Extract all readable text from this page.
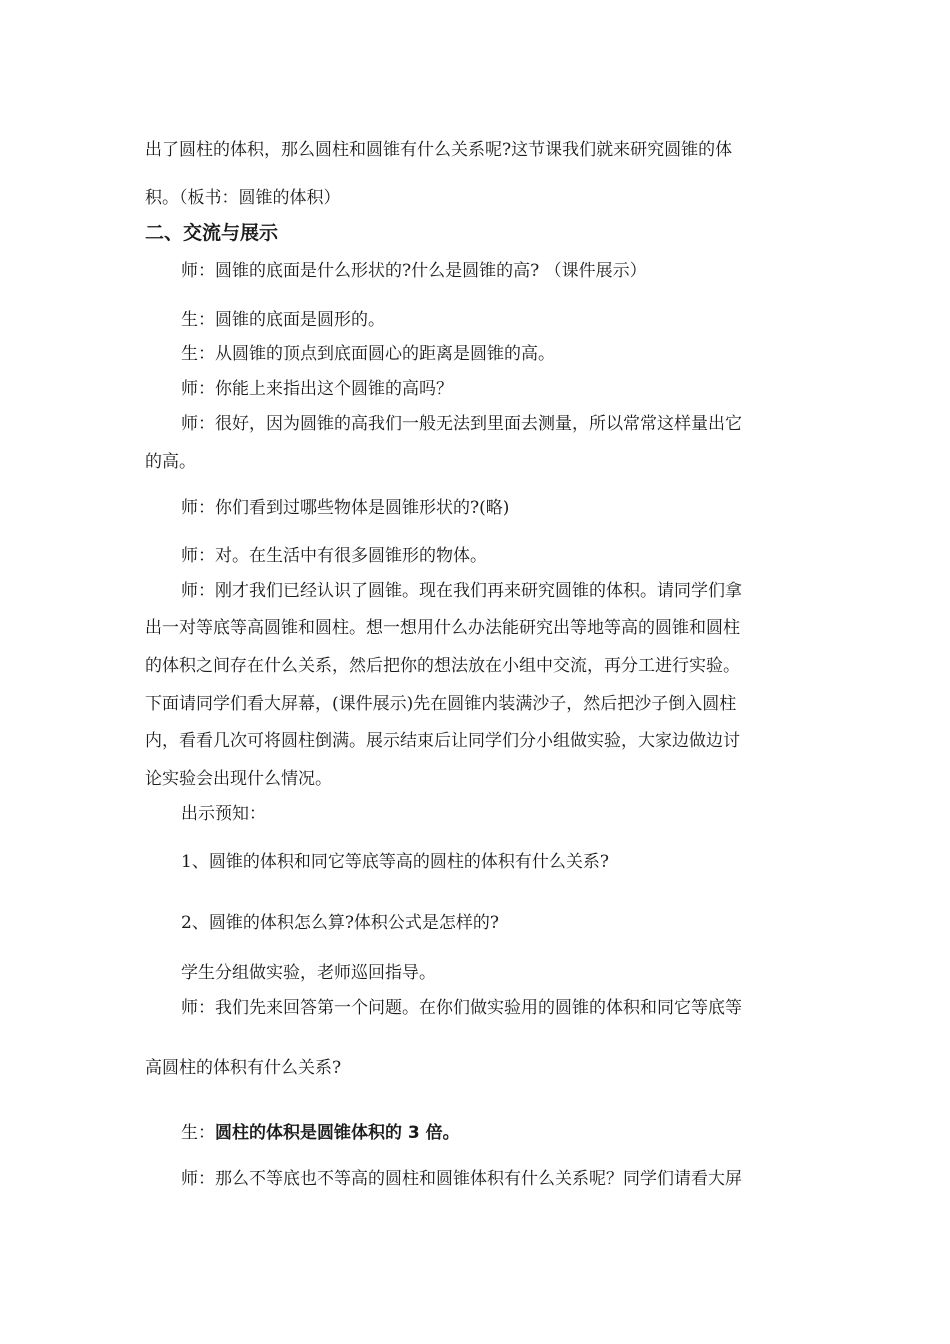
出了圆柱的体积，那么圆柱和圆锥有什么关系呢?这节课我们就来研究圆锥的体
积。（板书：圆锥的体积）
二、交流与展示
师：圆锥的底面是什么形状的?什么是圆锥的高? （课件展示）
生：圆锥的底面是圆形的。
生：从圆锥的顶点到底面圆心的距离是圆锥的高。
师：你能上来指出这个圆锥的高吗？
师：很好，因为圆锥的高我们一般无法到里面去测量，所以常常这样量出它
的高。
师：你们看到过哪些物体是圆锥形状的?(略)
师：对。在生活中有很多圆锥形的物体。
师：刚才我们已经认识了圆锥。现在我们再来研究圆锥的体积。请同学们拿
出一对等底等高圆锥和圆柱。想一想用什么办法能研究出等地等高的圆锥和圆柱
的体积之间存在什么关系，然后把你的想法放在小组中交流，再分工进行实验。
下面请同学们看大屏幕，(课件展示)先在圆锥内装满沙子，然后把沙子倒入圆柱
内，看看几次可将圆柱倒满。展示结束后让同学们分小组做实验，大家边做边讨
论实验会出现什么情况。
出示预知：
1、圆锥的体积和同它等底等高的圆柱的体积有什么关系?
2、圆锥的体积怎么算?体积公式是怎样的?
学生分组做实验，老师巡回指导。
师：我们先来回答第一个问题。在你们做实验用的圆锥的体积和同它等底等
高圆柱的体积有什么关系?
生：圆柱的体积是圆锥体积的 3 倍。
师：那么不等底也不等高的圆柱和圆锥体积有什么关系呢？同学们请看大屏
